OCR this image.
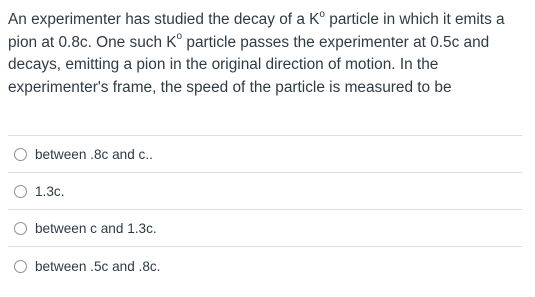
An experimenter has studied the decay of a $K^o$ particle in which it emits a pion at 0.8c. One such $K^o$ particle passes the experimenter at 0.5c and decays, emitting a pion in the original direction of motion. In the experimenter's frame, the speed of the particle is measured to be

between .8c and c..
1.3c.
between c and 1.3c.
between .5c and .8c.
